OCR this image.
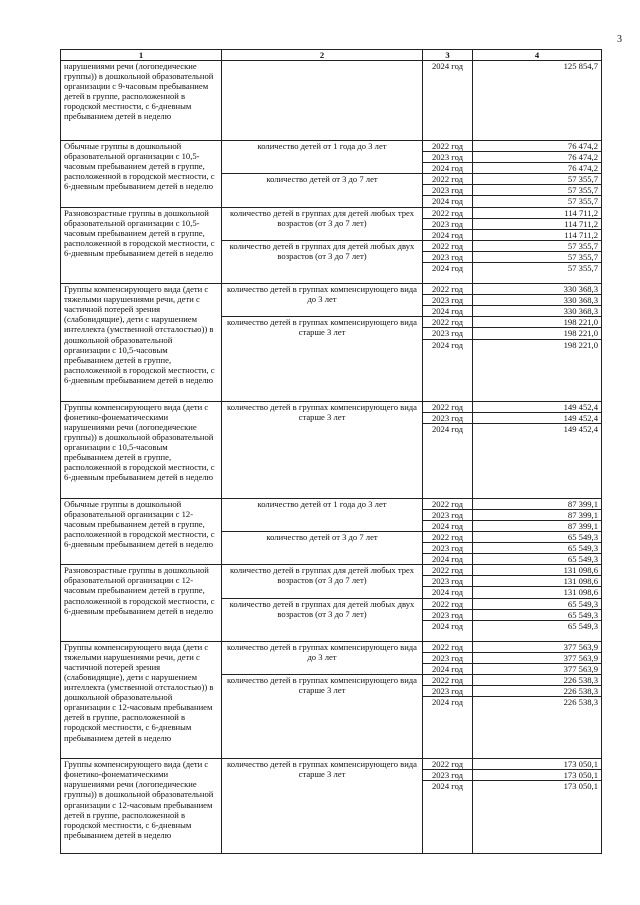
3
1	2	3	4
нарушениями речи (логопедические группы)) в дошкольной образовательной организации с 9-часовым пребыванием детей в группе, расположенной в городской местности, с 6-дневным пребыванием детей в неделю		2024 год	125 854,7
Обычные группы в дошкольной образовательной организации с 10,5-часовым пребыванием детей в группе, расположенной в городской местности, с 6-дневным пребыванием детей в неделю	количество детей от 1 года до 3 лет	2022 год	76 474,2
		2023 год	76 474,2
		2024 год	76 474,2
	количество детей от 3 до 7 лет	2022 год	57 355,7
		2023 год	57 355,7
		2024 год	57 355,7
Разновозрастные группы в дошкольной образовательной организации с 10,5-часовым пребыванием детей в группе, расположенной в городской местности, с 6-дневным пребыванием детей в неделю	количество детей в группах для детей любых трех возрастов (от 3 до 7 лет)	2022 год	114 711,2
		2023 год	114 711,2
		2024 год	114 711,2
	количество детей в группах для детей любых двух возрастов (от 3 до 7 лет)	2022 год	57 355,7
		2023 год	57 355,7
		2024 год	57 355,7
Группы компенсирующего вида (дети с тяжелыми нарушениями речи, дети с частичной потерей зрения (слабовидящие), дети с нарушением интеллекта (умственной отсталостью)) в дошкольной образовательной организации с 10,5-часовым пребыванием детей в группе, расположенной в городской местности, с 6-дневным пребыванием детей в неделю	количество детей в группах компенсирующего вида до 3 лет	2022 год	330 368,3
		2023 год	330 368,3
		2024 год	330 368,3
	количество детей в группах компенсирующего вида старше 3 лет	2022 год	198 221,0
		2023 год	198 221,0
		2024 год	198 221,0
Группы компенсирующего вида (дети с фонетико-фонематическими нарушениями речи (логопедические группы)) в дошкольной образовательной организации с 10,5-часовым пребыванием детей в группе, расположенной в городской местности, с 6-дневным пребыванием детей в неделю	количество детей в группах компенсирующего вида старше 3 лет	2022 год	149 452,4
		2023 год	149 452,4
		2024 год	149 452,4
Обычные группы в дошкольной образовательной организации с 12-часовым пребыванием детей в группе, расположенной в городской местности, с 6-дневным пребыванием детей в неделю	количество детей от 1 года до 3 лет	2022 год	87 399,1
		2023 год	87 399,1
		2024 год	87 399,1
	количество детей от 3 до 7 лет	2022 год	65 549,3
		2023 год	65 549,3
		2024 год	65 549,3
Разновозрастные группы в дошкольной образовательной организации с 12-часовым пребыванием детей в группе, расположенной в городской местности, с 6-дневным пребыванием детей в неделю	количество детей в группах для детей любых трех возрастов (от 3 до 7 лет)	2022 год	131 098,6
		2023 год	131 098,6
		2024 год	131 098,6
	количество детей в группах для детей любых двух возрастов (от 3 до 7 лет)	2022 год	65 549,3
		2023 год	65 549,3
		2024 год	65 549,3
Группы компенсирующего вида (дети с тяжелыми нарушениями речи, дети с частичной потерей зрения (слабовидящие), дети с нарушением интеллекта (умственной отсталостью)) в дошкольной образовательной организации с 12-часовым пребыванием детей в группе, расположенной в городской местности, с 6-дневным пребыванием детей в неделю	количество детей в группах компенсирующего вида до 3 лет	2022 год	377 563,9
		2023 год	377 563,9
		2024 год	377 563,9
	количество детей в группах компенсирующего вида старше 3 лет	2022 год	226 538,3
		2023 год	226 538,3
		2024 год	226 538,3
Группы компенсирующего вида (дети с фонетико-фонематическими нарушениями речи (логопедические группы)) в дошкольной образовательной организации с 12-часовым пребыванием детей в группе, расположенной в городской местности, с 6-дневным пребыванием детей в неделю	количество детей в группах компенсирующего вида старше 3 лет	2022 год	173 050,1
		2023 год	173 050,1
		2024 год	173 050,1
